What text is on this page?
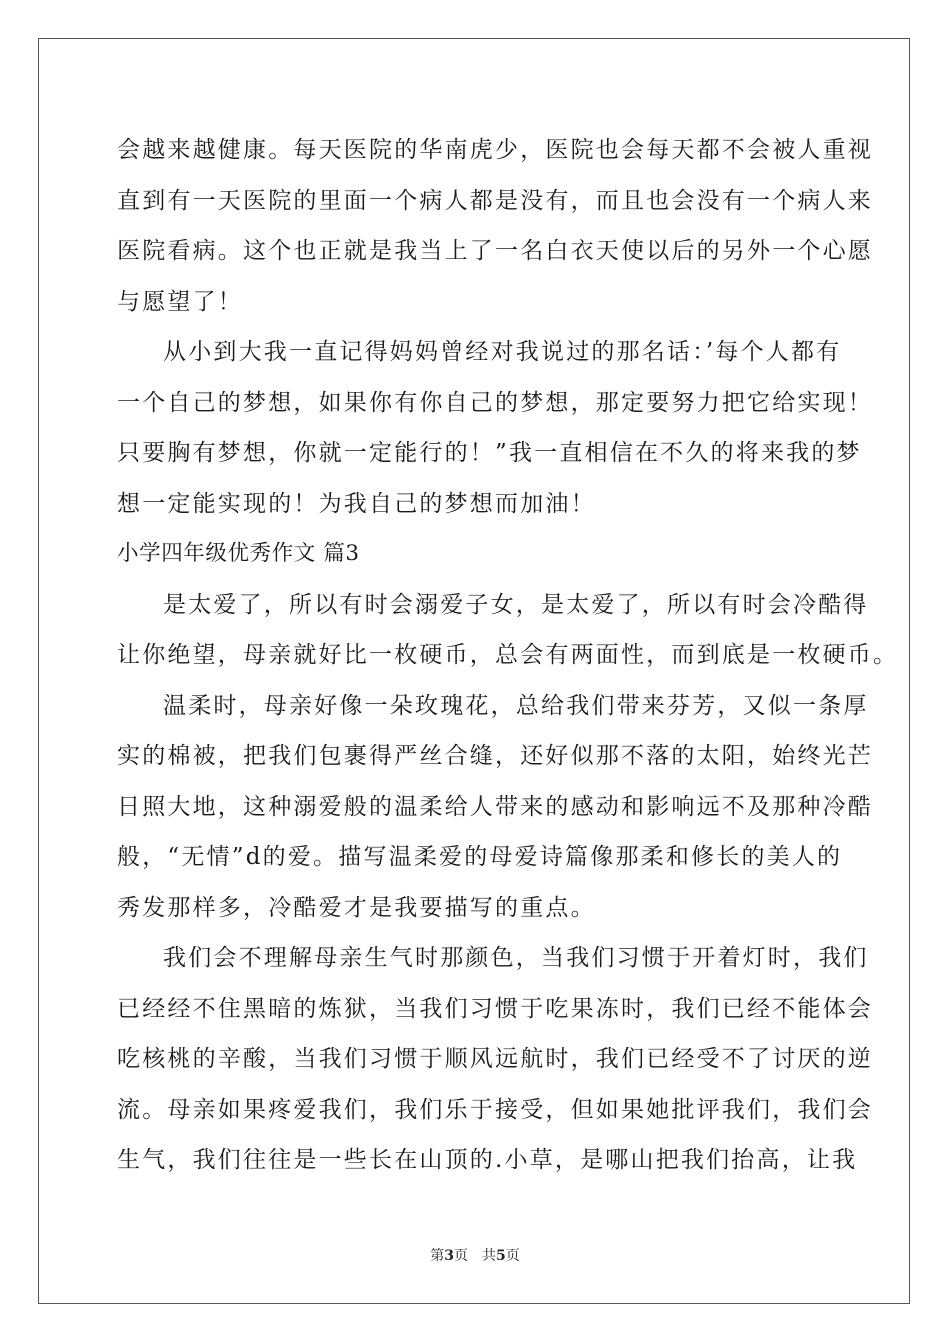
会越来越健康。每天医院的华南虎少，医院也会每天都不会被人重视
直到有一天医院的里面一个病人都是没有，而且也会没有一个病人来
医院看病。这个也正就是我当上了一名白衣天使以后的另外一个心愿
与愿望了！
从小到大我一直记得妈妈曾经对我说过的那名话：’每个人都有
一个自己的梦想，如果你有你自己的梦想，那定要努力把它给实现！
只要胸有梦想，你就一定能行的！”我一直相信在不久的将来我的梦
想一定能实现的！为我自己的梦想而加油！
小学四年级优秀作文 篇3
是太爱了，所以有时会溺爱子女，是太爱了，所以有时会冷酷得
让你绝望，母亲就好比一枚硬币，总会有两面性，而到底是一枚硬币。
温柔时，母亲好像一朵玫瑰花，总给我们带来芬芳，又似一条厚
实的棉被，把我们包裹得严丝合缝，还好似那不落的太阳，始终光芒
日照大地，这种溺爱般的温柔给人带来的感动和影响远不及那种冷酷
般，“无情”d的爱。描写温柔爱的母爱诗篇像那柔和修长的美人的
秀发那样多，冷酷爱才是我要描写的重点。
我们会不理解母亲生气时那颜色，当我们习惯于开着灯时，我们
已经经不住黑暗的炼狱，当我们习惯于吃果冻时，我们已经不能体会
吃核桃的辛酸，当我们习惯于顺风远航时，我们已经受不了讨厌的逆
流。母亲如果疼爱我们，我们乐于接受，但如果她批评我们，我们会
生气，我们往往是一些长在山顶的.小草，是哪山把我们抬高，让我
第3页　共5页
